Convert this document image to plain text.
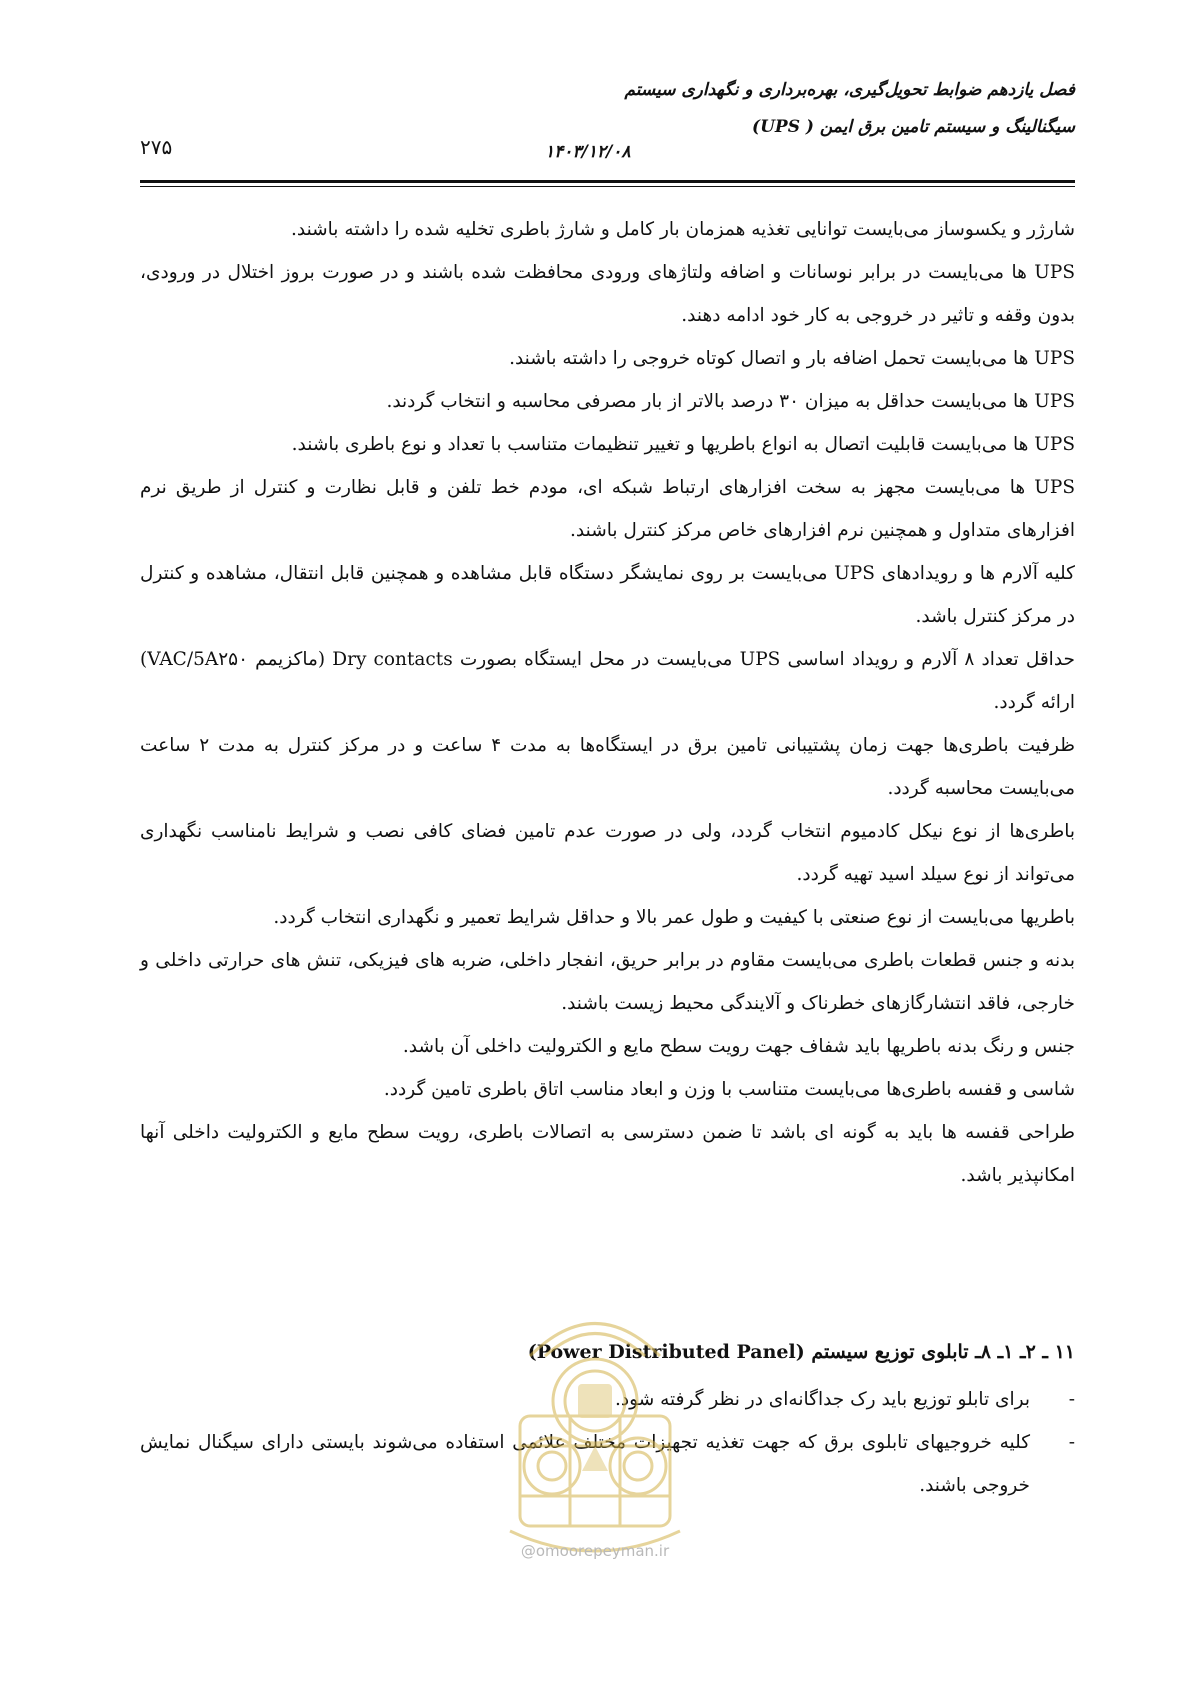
فصل یازدهم ضوابط تحویل‌گیری، بهره‌برداری و نگهداری سیستم
سیگنالینگ و سیستم تامین برق ایمن ( UPS)
۱۴۰۳/۱۲/۰۸
۲۷۵

شارژر و یکسوساز می‌بایست توانایی تغذیه همزمان بار کامل و شارژ باطری تخلیه شده را داشته باشند.

UPS ها می‌بایست در برابر نوسانات و اضافه ولتاژهای ورودی محافظت شده باشند و در صورت بروز اختلال در ورودی، بدون وقفه و تاثیر در خروجی به کار خود ادامه دهند.

UPS ها می‌بایست تحمل اضافه بار و اتصال کوتاه خروجی را داشته باشند.

UPS ها می‌بایست حداقل به میزان ۳۰ درصد بالاتر از بار مصرفی محاسبه و انتخاب گردند.

UPS ها می‌بایست قابلیت اتصال به انواع باطریها و تغییر تنظیمات متناسب با تعداد و نوع باطری باشند.

UPS ها می‌بایست مجهز به سخت افزارهای ارتباط شبکه ای، مودم خط تلفن و قابل نظارت و کنترل از طریق نرم افزارهای متداول و همچنین نرم افزارهای خاص مرکز کنترل باشند.

کلیه آلارم ها و رویدادهای UPS می‌بایست بر روی نمایشگر دستگاه قابل مشاهده و همچنین قابل انتقال، مشاهده و کنترل در مرکز کنترل باشد.

حداقل تعداد ۸ آلارم و رویداد اساسی UPS می‌بایست در محل ایستگاه بصورت Dry contacts (ماکزیمم VAC/5A۲۵۰) ارائه گردد.

ظرفیت باطری‌ها جهت زمان پشتیبانی تامین برق در ایستگاه‌ها به مدت ۴ ساعت و در مرکز کنترل به مدت ۲ ساعت می‌بایست محاسبه گردد.

باطری‌ها از نوع نیکل کادمیوم انتخاب گردد، ولی در صورت عدم تامین فضای کافی نصب و شرایط نامناسب نگهداری می‌تواند از نوع سیلد اسید تهیه گردد.

باطریها می‌بایست از نوع صنعتی با کیفیت و طول عمر بالا و حداقل شرایط تعمیر و نگهداری انتخاب گردد.

بدنه و جنس قطعات باطری می‌بایست مقاوم در برابر حریق، انفجار داخلی، ضربه های فیزیکی، تنش های حرارتی داخلی و خارجی، فاقد انتشارگازهای خطرناک و آلایندگی محیط زیست باشند.

جنس و رنگ بدنه باطریها باید شفاف جهت رویت سطح مایع و الکترولیت داخلی آن باشد.

شاسی و قفسه باطری‌ها می‌بایست متناسب با وزن و ابعاد مناسب اتاق باطری تامین گردد.

طراحی قفسه ها باید به گونه ای باشد تا ضمن دسترسی به اتصالات باطری، رویت سطح مایع و الکترولیت داخلی آنها امکانپذیر باشد.

۱۱ ـ ۲ـ ۱ـ ۸ـ تابلوی توزیع سیستم (Power Distributed Panel)
-
برای تابلو توزیع باید رک جداگانه‌ای در نظر گرفته شود.
-
کلیه خروجیهای تابلوی برق که جهت تغذیه تجهیزات مختلف علائمی استفاده می‌شوند بایستی دارای سیگنال نمایش خروجی باشند.
@omoorepeyman.ir
